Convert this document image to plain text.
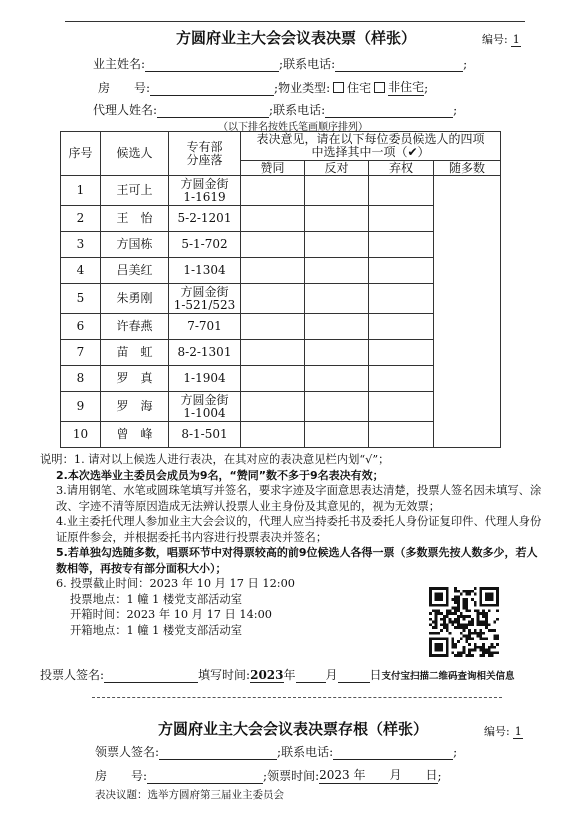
方圆府业主大会会议表决票（样张）	编号: 1
业主姓名:	;联系电话:	;
房　　号:	;物业类型: 住宅 非住宅;
代理人姓名:	;联系电话:	;
（以下排名按姓氏笔画顺序排列）
序号	候选人	专有部分座落	表决意见，请在以下每位委员候选人的四项中选择其中一项（✔）			
			赞同	反对	弃权	随多数
1	王可上	方圆金街
1-1619				

2	王　怡	5-2-1201				
3	方国栋	5-1-702				
4	吕美红	1-1304				
5	朱勇刚	方圆金街
1-521/523				

6	许春燕	7-701				
7	苗　虹	8-2-1301				
8	罗　真	1-1904				
9	罗　海	方圆金街
1-1004				

10	曾　峰	8-1-501				

说明：1. 请对以上候选人进行表决，在其对应的表决意见栏内划“√”；

2.本次选举业主委员会成员为9名，“赞同”数不多于9名表决有效；

3.请用钢笔、水笔或圆珠笔填写并签名，要求字迹及字面意思表达清楚，投票人签名因未填写、涂改、字迹不清等原因造成无法辨认投票人业主身份及其意见的，视为无效票；

4.业主委托代理人参加业主大会会议的，代理人应当持委托书及委托人身份证复印件、代理人身份证原件参会，并根据委托书内容进行投票表决并签名；

5.若单独勾选随多数，唱票环节中对得票较高的前9位候选人各得一票（多数票先按人数多少，若人数相等，再按专有部分面积大小）；

6. 投票截止时间：2023 年 10 月 17 日 12:00

投票地点：1 幢 1 楼党支部活动室

开箱时间：2023 年 10 月 17 日 14:00

开箱地点：1 幢 1 楼党支部活动室

投票人签名:	填写时间:2023年	月	日支付宝扫描二维码查询相关信息
方圆府业主大会会议表决票存根（样张）	编号: 1
领票人签名:	;联系电话:	;
房　　号:	;领票时间:2023 年　　月　　日;
表决议题：选举方圆府第三届业主委员会
